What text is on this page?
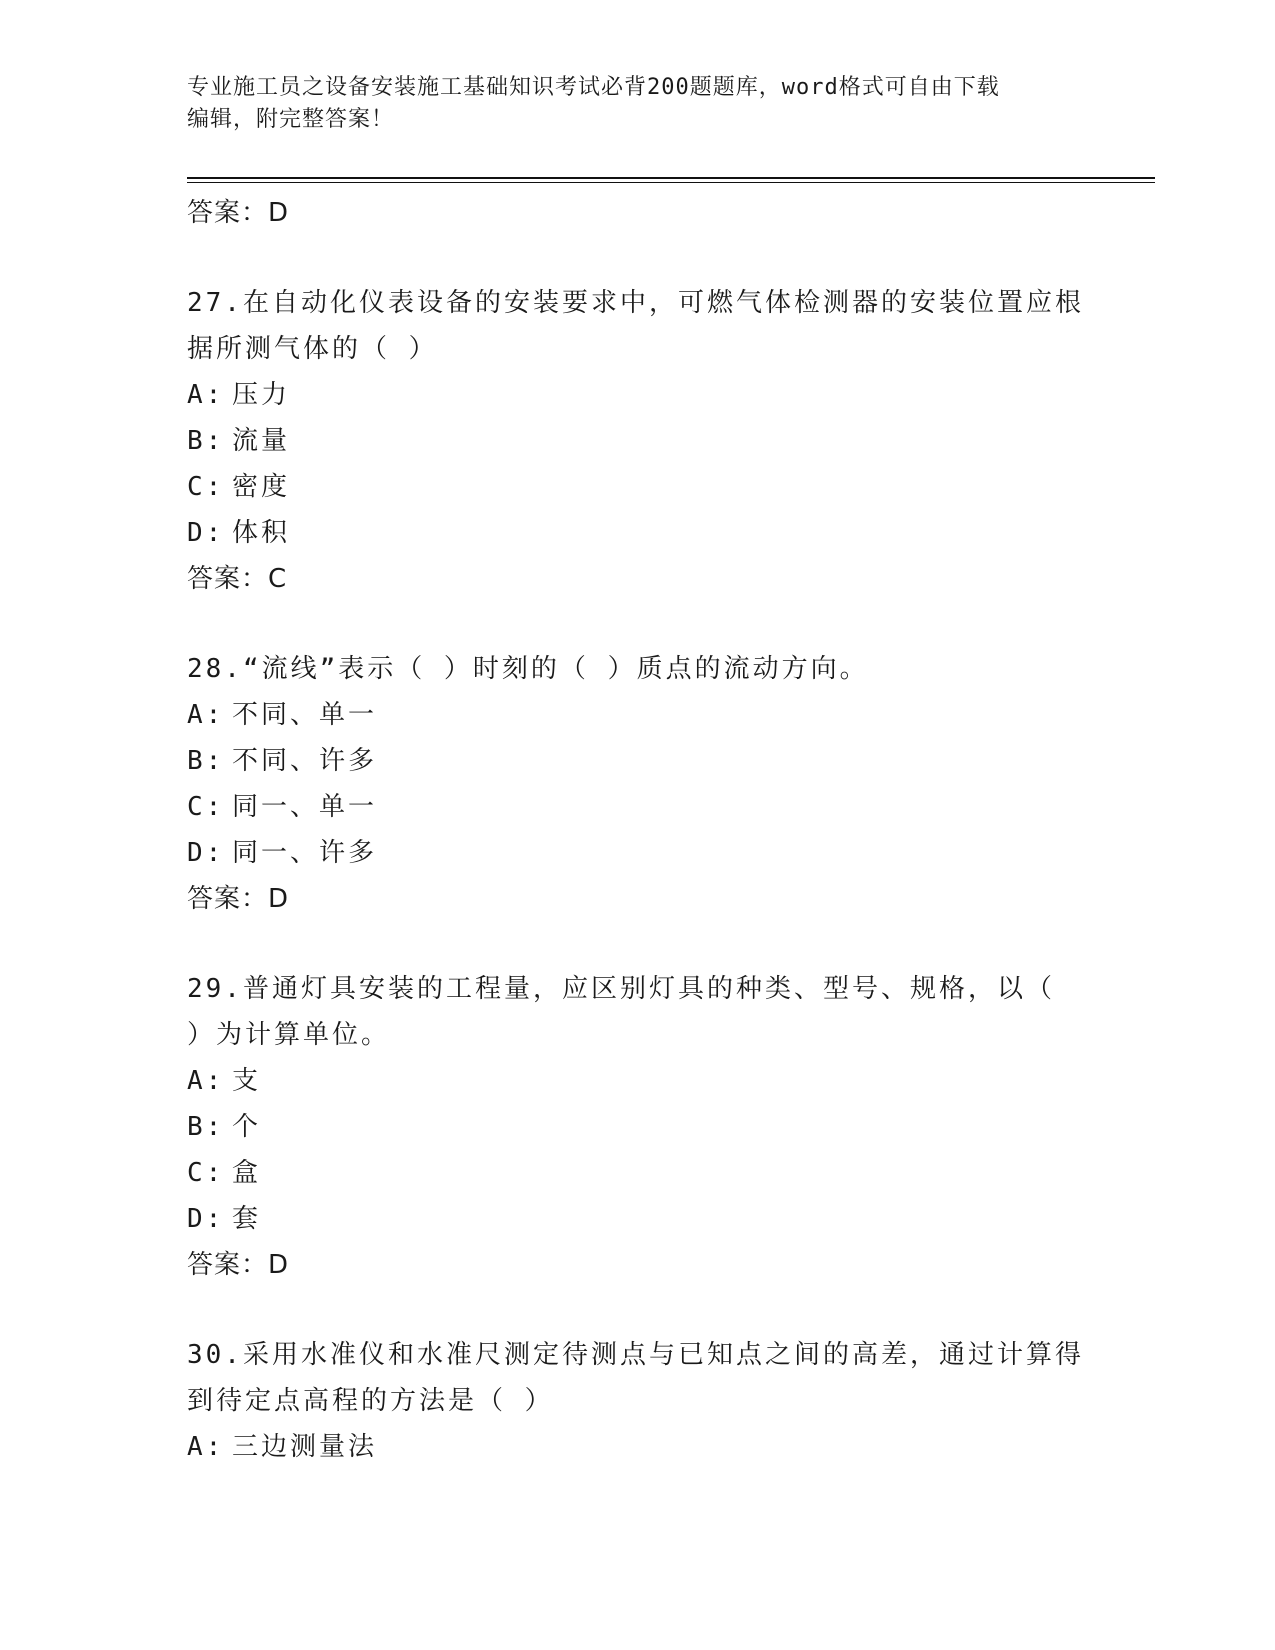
专业施工员之设备安装施工基础知识考试必背200题题库，word格式可自由下载
编辑，附完整答案！
答案：D
27.在自动化仪表设备的安装要求中，可燃气体检测器的安装位置应根
据所测气体的（ ）
A: 压力
B: 流量
C: 密度
D: 体积
答案：C
28.“流线”表示（ ）时刻的（ ）质点的流动方向。
A: 不同、单一
B: 不同、许多
C: 同一、单一
D: 同一、许多
答案：D
29.普通灯具安装的工程量，应区别灯具的种类、型号、规格，以（
）为计算单位。
A: 支
B: 个
C: 盒
D: 套
答案：D
30.采用水准仪和水准尺测定待测点与已知点之间的高差，通过计算得
到待定点高程的方法是（ ）
A: 三边测量法
